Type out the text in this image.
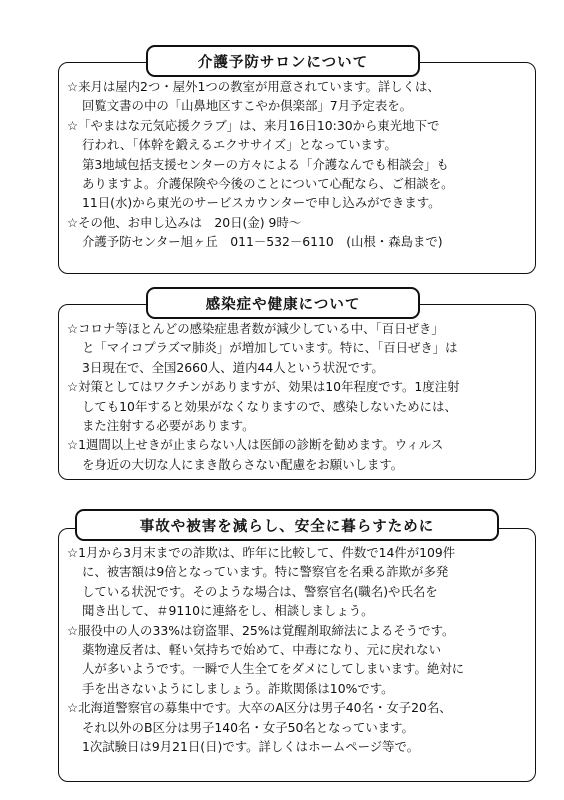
介護予防サロンについて
☆来月は屋内2つ・屋外1つの教室が用意されています。詳しくは、
回覧文書の中の「山鼻地区すこやか倶楽部」7月予定表を。
☆「やまはな元気応援クラブ」は、来月16日10:30から東光地下で
行われ、「体幹を鍛えるエクササイズ」となっています。
第3地域包括支援センターの方々による「介護なんでも相談会」も
ありますよ。介護保険や今後のことについて心配なら、ご相談を。
11日(水)から東光のサービスカウンターで申し込みができます。
☆その他、お申し込みは　20日(金) 9時～
介護予防センター旭ヶ丘　011－532－6110　(山根・森島まで)
感染症や健康について
☆コロナ等ほとんどの感染症患者数が減少している中、「百日ぜき」
と「マイコプラズマ肺炎」が増加しています。特に、「百日ぜき」は
3日現在で、全国2660人、道内44人という状況です。
☆対策としてはワクチンがありますが、効果は10年程度です。1度注射
しても10年すると効果がなくなりますので、感染しないためには、
また注射する必要があります。
☆1週間以上せきが止まらない人は医師の診断を勧めます。ウィルス
を身近の大切な人にまき散らさない配慮をお願いします。
事故や被害を減らし、安全に暮らすために
☆1月から3月末までの詐欺は、昨年に比較して、件数で14件が109件
に、被害額は9倍となっています。特に警察官を名乗る詐欺が多発
している状況です。そのような場合は、警察官名(職名)や氏名を
聞き出して、＃9110に連絡をし、相談しましょう。
☆服役中の人の33%は窃盗罪、25%は覚醒剤取締法によるそうです。
薬物違反者は、軽い気持ちで始めて、中毒になり、元に戻れない
人が多いようです。一瞬で人生全てをダメにしてしまいます。絶対に
手を出さないようにしましょう。詐欺関係は10%です。
☆北海道警察官の募集中です。大卒のA区分は男子40名・女子20名、
それ以外のB区分は男子140名・女子50名となっています。
1次試験日は9月21日(日)です。詳しくはホームページ等で。
